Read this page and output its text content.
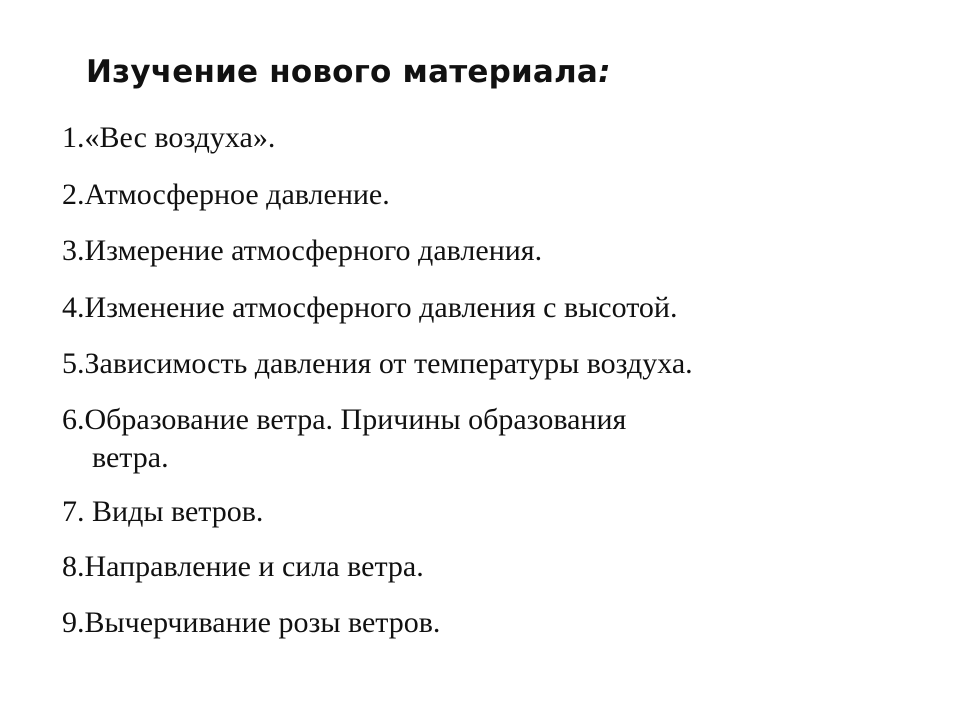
Изучение нового материала:
1.«Вес воздуха».
2.Атмосферное давление.
3.Измерение атмосферного давления.
4.Изменение атмосферного давления с высотой.
5.Зависимость давления от температуры воздуха.
6.Образование ветра. Причины образования
ветра.
7. Виды ветров.
8.Направление и сила ветра.
9.Вычерчивание розы ветров.
